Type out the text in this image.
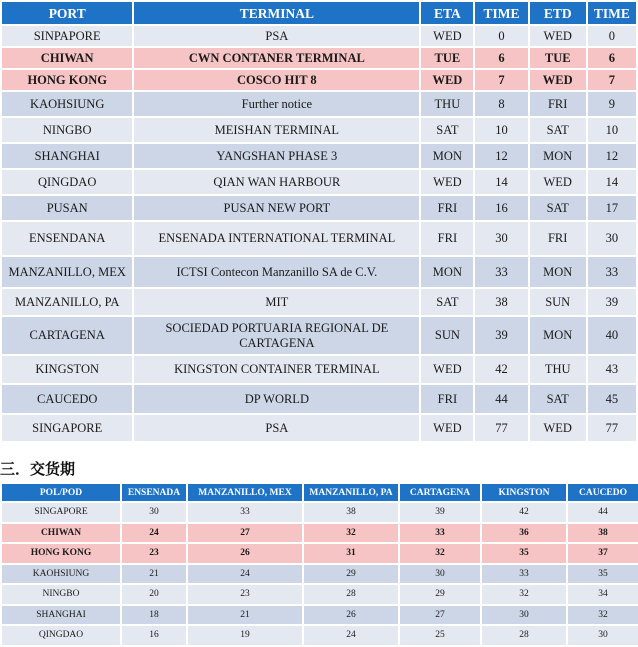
PORT	TERMINAL	ETA	TIME	ETD	TIME
SINPAPORE	PSA	WED	0	WED	0
CHIWAN	CWN CONTANER TERMINAL	TUE	6	TUE	6
HONG KONG	COSCO HIT 8	WED	7	WED	7
KAOHSIUNG	Further notice	THU	8	FRI	9
NINGBO	MEISHAN TERMINAL	SAT	10	SAT	10
SHANGHAI	YANGSHAN PHASE 3	MON	12	MON	12
QINGDAO	QIAN WAN HARBOUR	WED	14	WED	14
PUSAN	PUSAN NEW PORT	FRI	16	SAT	17
ENSENDANA	ENSENADA INTERNATIONAL TERMINAL	FRI	30	FRI	30
MANZANILLO, MEX	ICTSI Contecon Manzanillo SA de C.V.	MON	33	MON	33
MANZANILLO, PA	MIT	SAT	38	SUN	39
CARTAGENA	SOCIEDAD PORTUARIA REGIONAL DE CARTAGENA	SUN	39	MON	40
KINGSTON	KINGSTON CONTAINER TERMINAL	WED	42	THU	43
CAUCEDO	DP WORLD	FRI	44	SAT	45
SINGAPORE	PSA	WED	77	WED	77
三．交货期
POL/POD	ENSENADA	MANZANILLO, MEX	MANZANILLO, PA	CARTAGENA	KINGSTON	CAUCEDO
SINGAPORE	30	33	38	39	42	44
CHIWAN	24	27	32	33	36	38
HONG KONG	23	26	31	32	35	37
KAOHSIUNG	21	24	29	30	33	35
NINGBO	20	23	28	29	32	34
SHANGHAI	18	21	26	27	30	32
QINGDAO	16	19	24	25	28	30
